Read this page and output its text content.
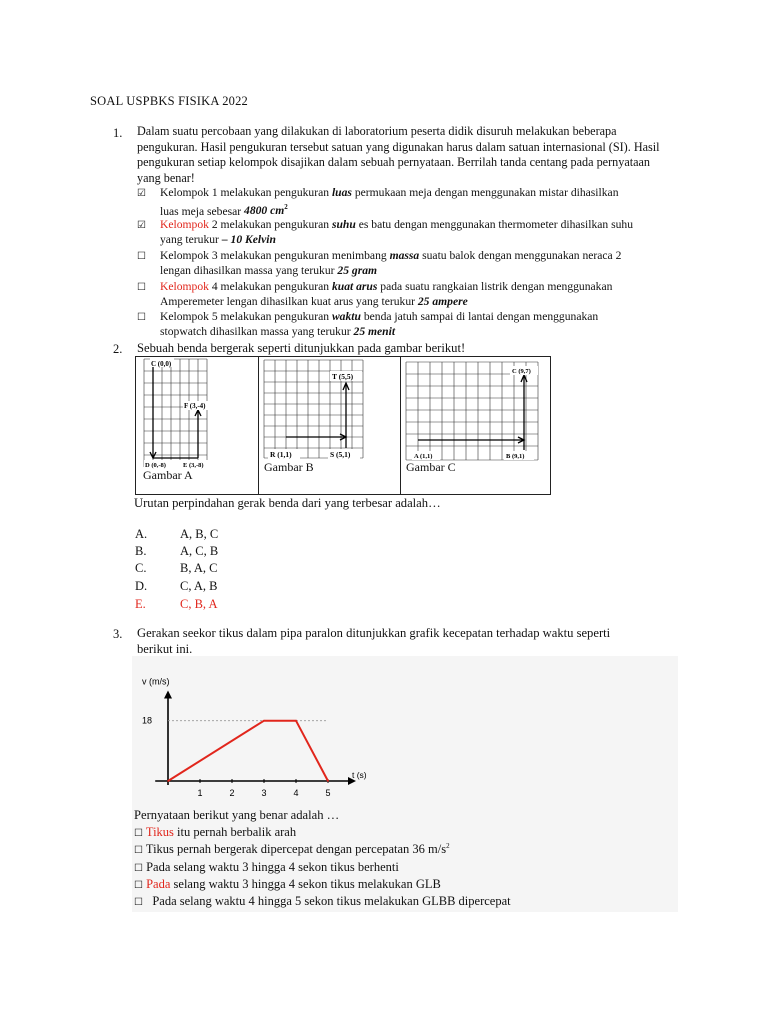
SOAL USPBKS FISIKA 2022
1. Dalam suatu percobaan yang dilakukan di laboratorium peserta didik disuruh melakukan beberapa
pengukuran. Hasil pengukuran tersebut satuan yang digunakan harus dalam satuan internasional (SI). Hasil
pengukuran setiap kelompok disajikan dalam sebuah pernyataan. Berrilah tanda centang pada pernyataan
yang benar!
☑ Kelompok 1 melakukan pengukuran luas permukaan meja dengan menggunakan mistar dihasilkan
luas meja sebesar 4800 $cm^2$
☑ Kelompok 2 melakukan pengukuran suhu es batu dengan menggunakan thermometer dihasilkan suhu
yang terukur – 10 Kelvin
☐ Kelompok 3 melakukan pengukuran menimbang massa suatu balok dengan menggunakan neraca 2
lengan dihasilkan massa yang terukur 25 gram
☐ Kelompok 4 melakukan pengukuran kuat arus pada suatu rangkaian listrik dengan menggunakan
Amperemeter lengan dihasilkan kuat arus yang terukur 25 ampere
☐ Kelompok 5 melakukan pengukuran waktu benda jatuh sampai di lantai dengan menggunakan
stopwatch dihasilkan massa yang terukur 25 menit
2. Sebuah benda bergerak seperti ditunjukkan pada gambar berikut!
C (0,0)
F (3,-4)
D (0,-8)	E (3,-8)
Gambar A
T (5,5)
R (1,1)	S (5,1)
Gambar B
C (9,7)
A (1,1)	B (9,1)
Gambar C
Urutan perpindahan gerak benda dari yang terbesar adalah…
A.	A, B, C
B.	A, C, B
C.	B, A, C
D.	C, A, B
E.	C, B, A
3. Gerakan seekor tikus dalam pipa paralon ditunjukkan grafik kecepatan terhadap waktu seperti
berikut ini.
v (m/s)
t (s)
18
1	2	3	4	5
Pernyataan berikut yang benar adalah …
☐ Tikus itu pernah berbalik arah
☐ Tikus pernah bergerak dipercepat dengan percepatan 36 $m/s^2$
☐ Pada selang waktu 3 hingga 4 sekon tikus berhenti
☐ Pada selang waktu 3 hingga 4 sekon tikus melakukan GLB
☐   Pada selang waktu 4 hingga 5 sekon tikus melakukan GLBB dipercepat
